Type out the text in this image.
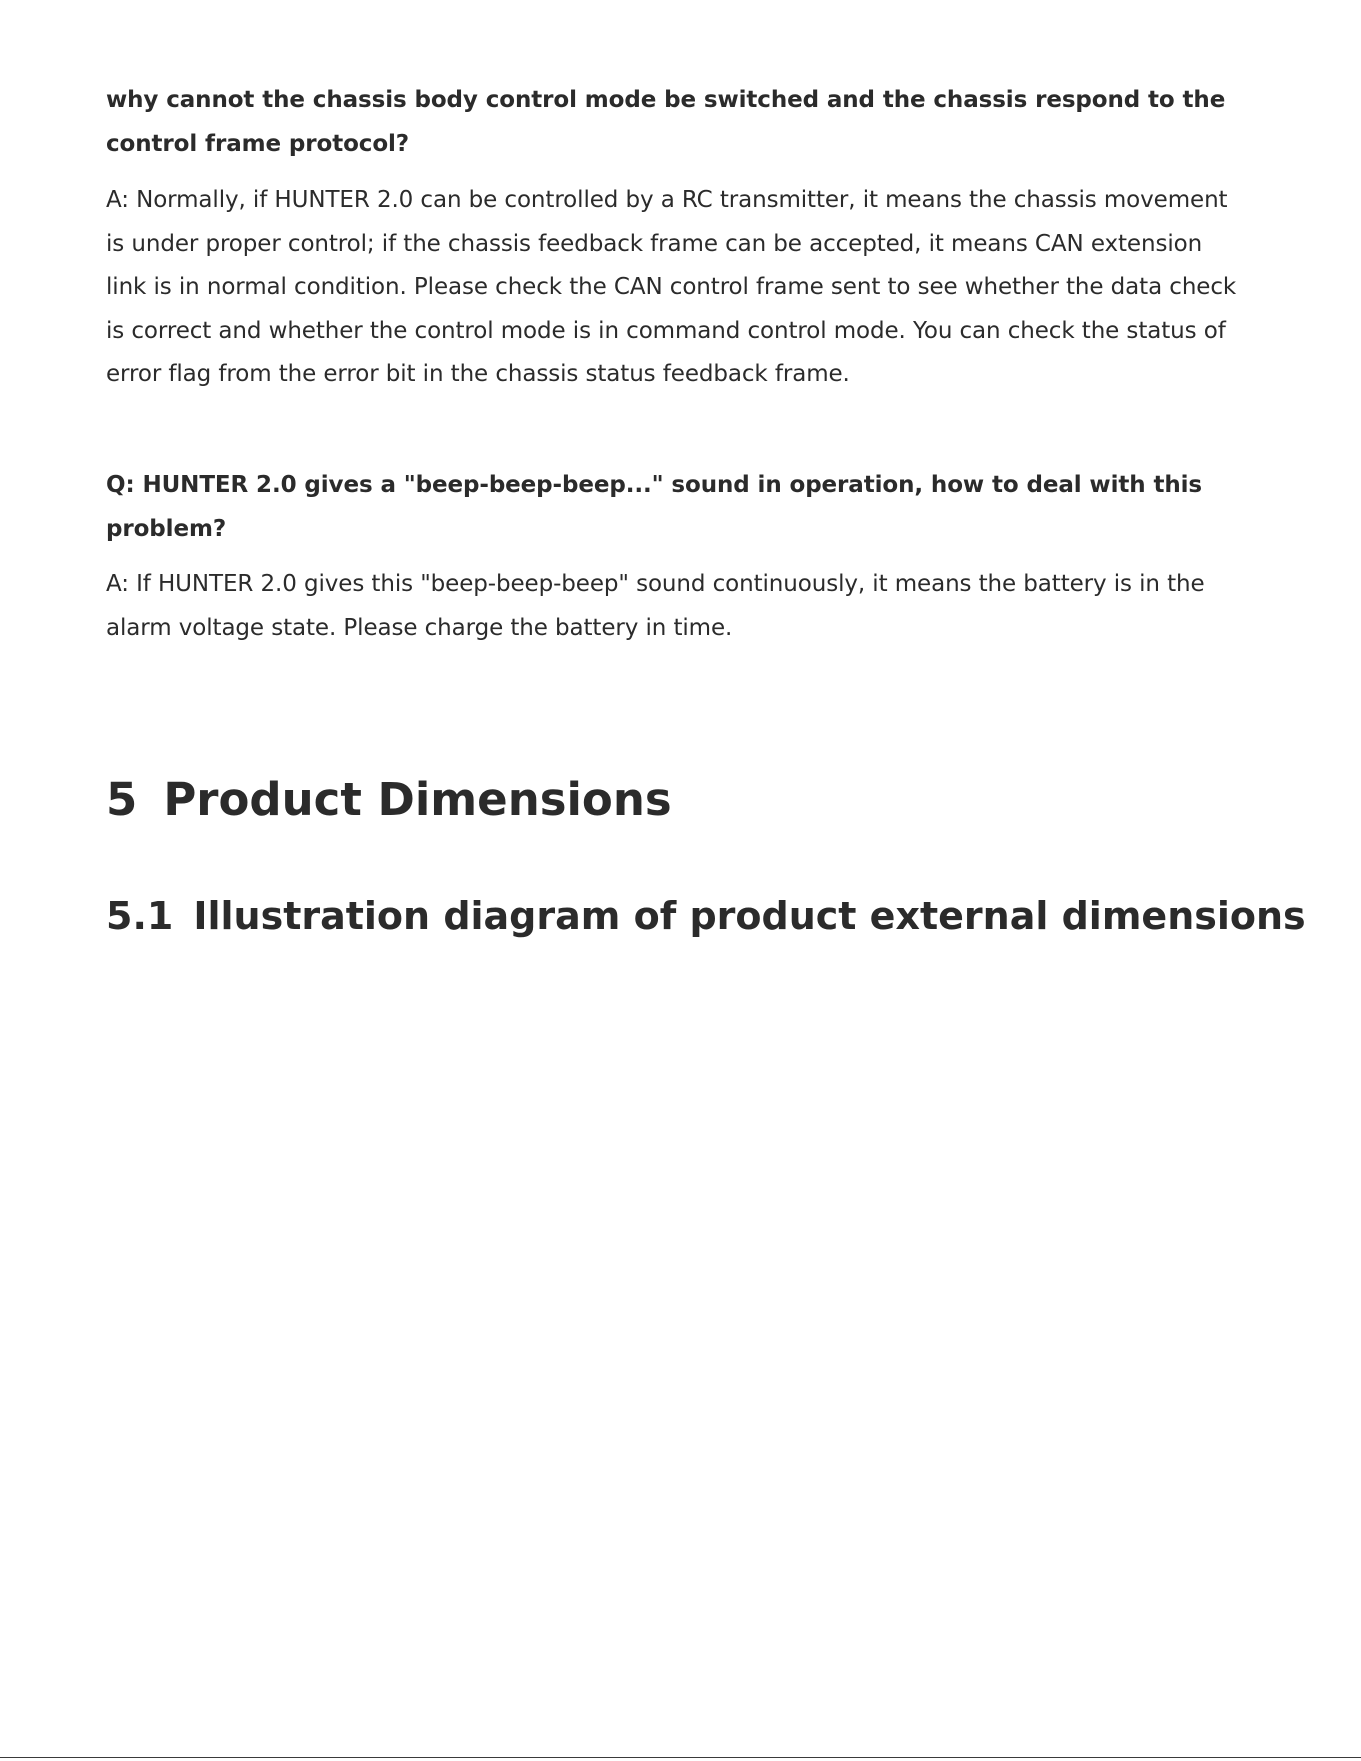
why cannot the chassis body control mode be switched and the chassis respond to the control frame protocol?
A: Normally, if HUNTER 2.0 can be controlled by a RC transmitter, it means the chassis movement is under proper control; if the chassis feedback frame can be accepted, it means CAN extension link is in normal condition. Please check the CAN control frame sent to see whether the data check is correct and whether the control mode is in command control mode. You can check the status of error flag from the error bit in the chassis status feedback frame.
Q: HUNTER 2.0 gives a "beep-beep-beep..." sound in operation, how to deal with this problem?
A: If HUNTER 2.0 gives this "beep-beep-beep" sound continuously, it means the battery is in the alarm voltage state. Please charge the battery in time.
5 Product Dimensions
5.1 Illustration diagram of product external dimensions
